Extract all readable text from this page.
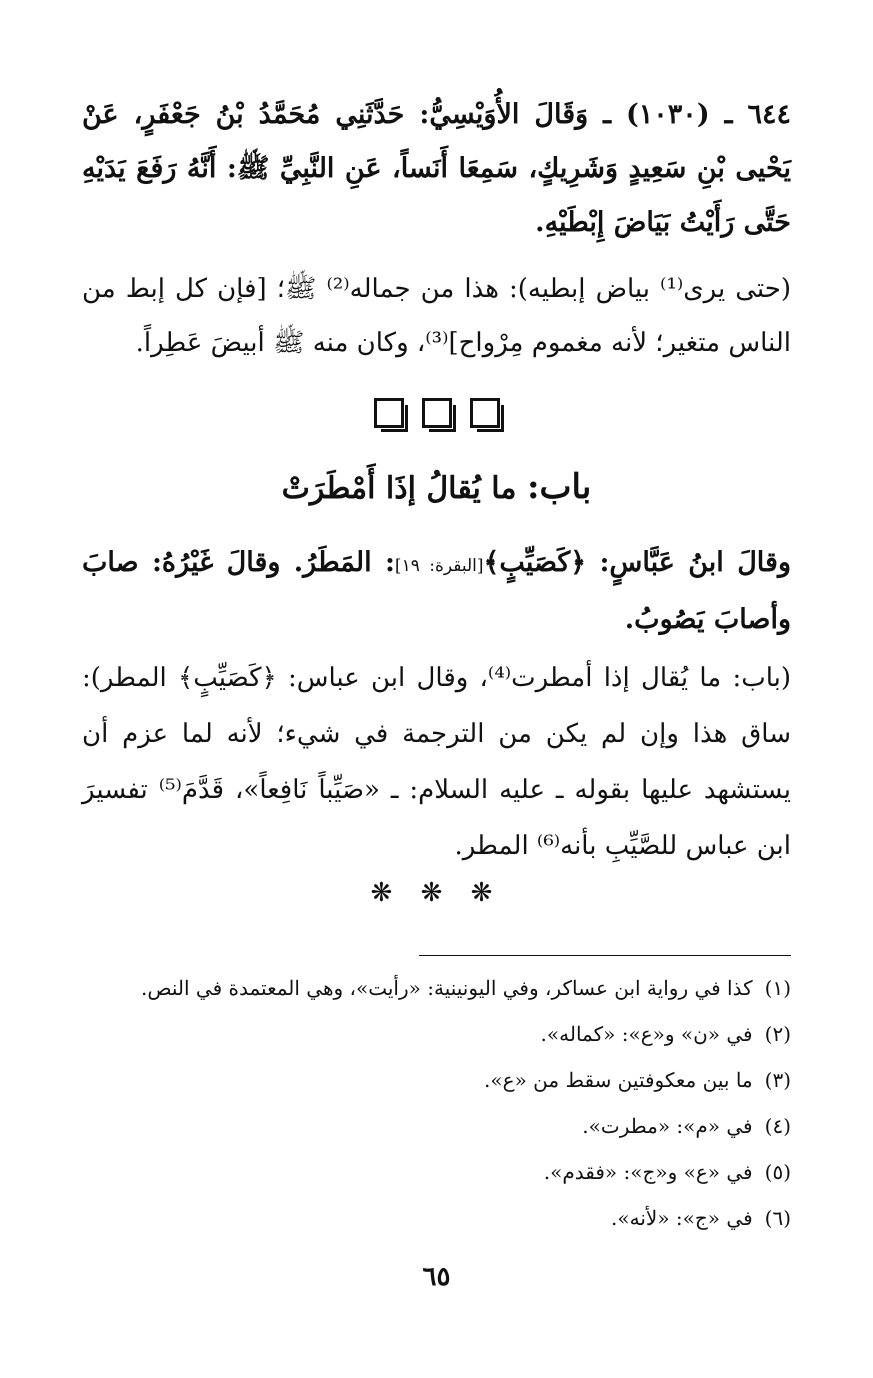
٦٤٤ ـ (١٠٣٠) ـ وَقَالَ الأُوَيْسِيُّ: حَدَّثَنِي مُحَمَّدُ بْنُ جَعْفَرٍ، عَنْ يَحْيى بْنِ سَعِيدٍ وَشَرِيكٍ، سَمِعَا أَنَساً، عَنِ النَّبِيِّ ﷺ: أَنَّهُ رَفَعَ يَدَيْهِ حَتَّى رَأَيْتُ بَيَاضَ إِبْطَيْهِ.

(حتى يرى⁽¹⁾ بياض إبطيه): هذا من جماله⁽²⁾ ﷺ؛ [فإن كل إبط من الناس متغير؛ لأنه مغموم مِرْواح]⁽³⁾، وكان منه ﷺ أبيضَ عَطِراً.

باب: ما يُقالُ إذَا أَمْطَرَتْ

وقالَ ابنُ عَبَّاسٍ: ﴿كَصَيِّبٍ﴾[البقرة: ١٩]: المَطَرُ. وقالَ غَيْرُهُ: صابَ وأصابَ يَصُوبُ.

(باب: ما يُقال إذا أمطرت⁽⁴⁾، وقال ابن عباس: ﴿كَصَيِّبٍ﴾ المطر): ساق هذا وإن لم يكن من الترجمة في شيء؛ لأنه لما عزم أن يستشهد عليها بقوله ـ عليه السلام: ـ «صَيِّباً نَافِعاً»، قَدَّمَ⁽⁵⁾ تفسيرَ ابن عباس للصَّيِّبِ بأنه⁽⁶⁾ المطر.

❋ ❋ ❋
(١)كذا في رواية ابن عساكر، وفي اليونينية: «رأيت»، وهي المعتمدة في النص.
(٢)في «ن» و«ع»: «كماله».
(٣)ما بين معكوفتين سقط من «ع».
(٤)في «م»: «مطرت».
(٥)في «ع» و«ج»: «فقدم».
(٦)في «ج»: «لأنه».
٦٥
